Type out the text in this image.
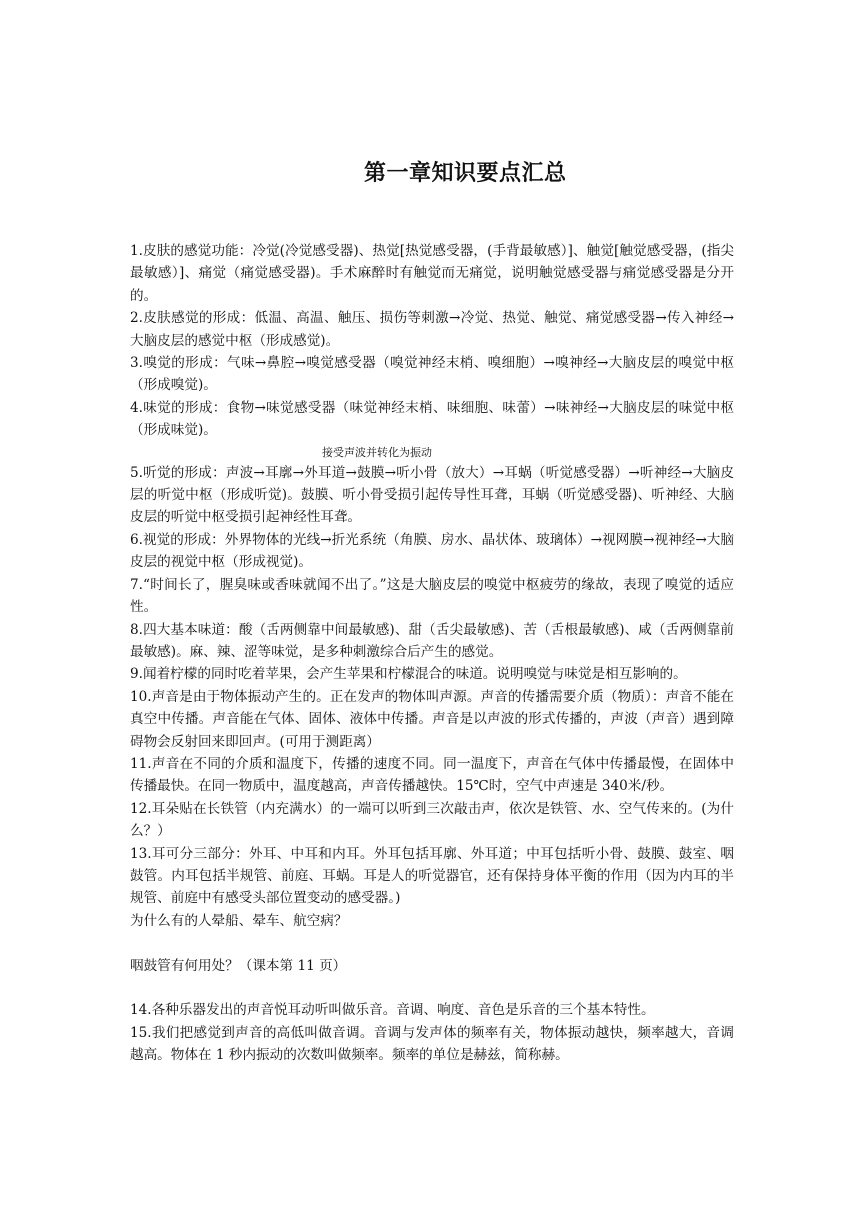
第一章知识要点汇总

1.皮肤的感觉功能：冷觉(冷觉感受器)、热觉[热觉感受器，(手背最敏感）]、触觉[触觉感受器，(指尖最敏感）]、痛觉（痛觉感受器)。手术麻醉时有触觉而无痛觉，说明触觉感受器与痛觉感受器是分开的。

2.皮肤感觉的形成：低温、高温、触压、损伤等刺激→冷觉、热觉、触觉、痛觉感受器→传入神经→大脑皮层的感觉中枢（形成感觉)。

3.嗅觉的形成：气味→鼻腔→嗅觉感受器（嗅觉神经末梢、嗅细胞）→嗅神经→大脑皮层的嗅觉中枢（形成嗅觉)。

4.味觉的形成：食物→味觉感受器（味觉神经末梢、味细胞、味蕾）→味神经→大脑皮层的味觉中枢（形成味觉)。

接受声波并转化为振动

5.听觉的形成：声波→耳廓→外耳道→鼓膜→听小骨（放大）→耳蜗（听觉感受器）→听神经→大脑皮层的听觉中枢（形成听觉)。鼓膜、听小骨受损引起传导性耳聋，耳蜗（听觉感受器)、听神经、大脑皮层的听觉中枢受损引起神经性耳聋。

6.视觉的形成：外界物体的光线→折光系统（角膜、房水、晶状体、玻璃体）→视网膜→视神经→大脑皮层的视觉中枢（形成视觉)。

7.“时间长了，腥臭味或香味就闻不出了。”这是大脑皮层的嗅觉中枢疲劳的缘故，表现了嗅觉的适应性。

8.四大基本味道：酸（舌两侧靠中间最敏感)、甜（舌尖最敏感)、苦（舌根最敏感)、咸（舌两侧靠前最敏感)。麻、辣、涩等味觉，是多种刺激综合后产生的感觉。

9.闻着柠檬的同时吃着苹果，会产生苹果和柠檬混合的味道。说明嗅觉与味觉是相互影响的。

10.声音是由于物体振动产生的。正在发声的物体叫声源。声音的传播需要介质（物质）：声音不能在真空中传播。声音能在气体、固体、液体中传播。声音是以声波的形式传播的，声波（声音）遇到障碍物会反射回来即回声。(可用于测距离）

11.声音在不同的介质和温度下，传播的速度不同。同一温度下，声音在气体中传播最慢，在固体中传播最快。在同一物质中，温度越高，声音传播越快。15℃时，空气中声速是 340米/秒。

12.耳朵贴在长铁管（内充满水）的一端可以听到三次敲击声，依次是铁管、水、空气传来的。(为什么？）

13.耳可分三部分：外耳、中耳和内耳。外耳包括耳廓、外耳道；中耳包括听小骨、鼓膜、鼓室、咽鼓管。内耳包括半规管、前庭、耳蜗。耳是人的听觉器官，还有保持身体平衡的作用（因为内耳的半规管、前庭中有感受头部位置变动的感受器。)

为什么有的人晕船、晕车、航空病？

咽鼓管有何用处？（课本第 11 页）

14.各种乐器发出的声音悦耳动听叫做乐音。音调、响度、音色是乐音的三个基本特性。

15.我们把感觉到声音的高低叫做音调。音调与发声体的频率有关，物体振动越快，频率越大，音调越高。物体在 1 秒内振动的次数叫做频率。频率的单位是赫兹，简称赫。
